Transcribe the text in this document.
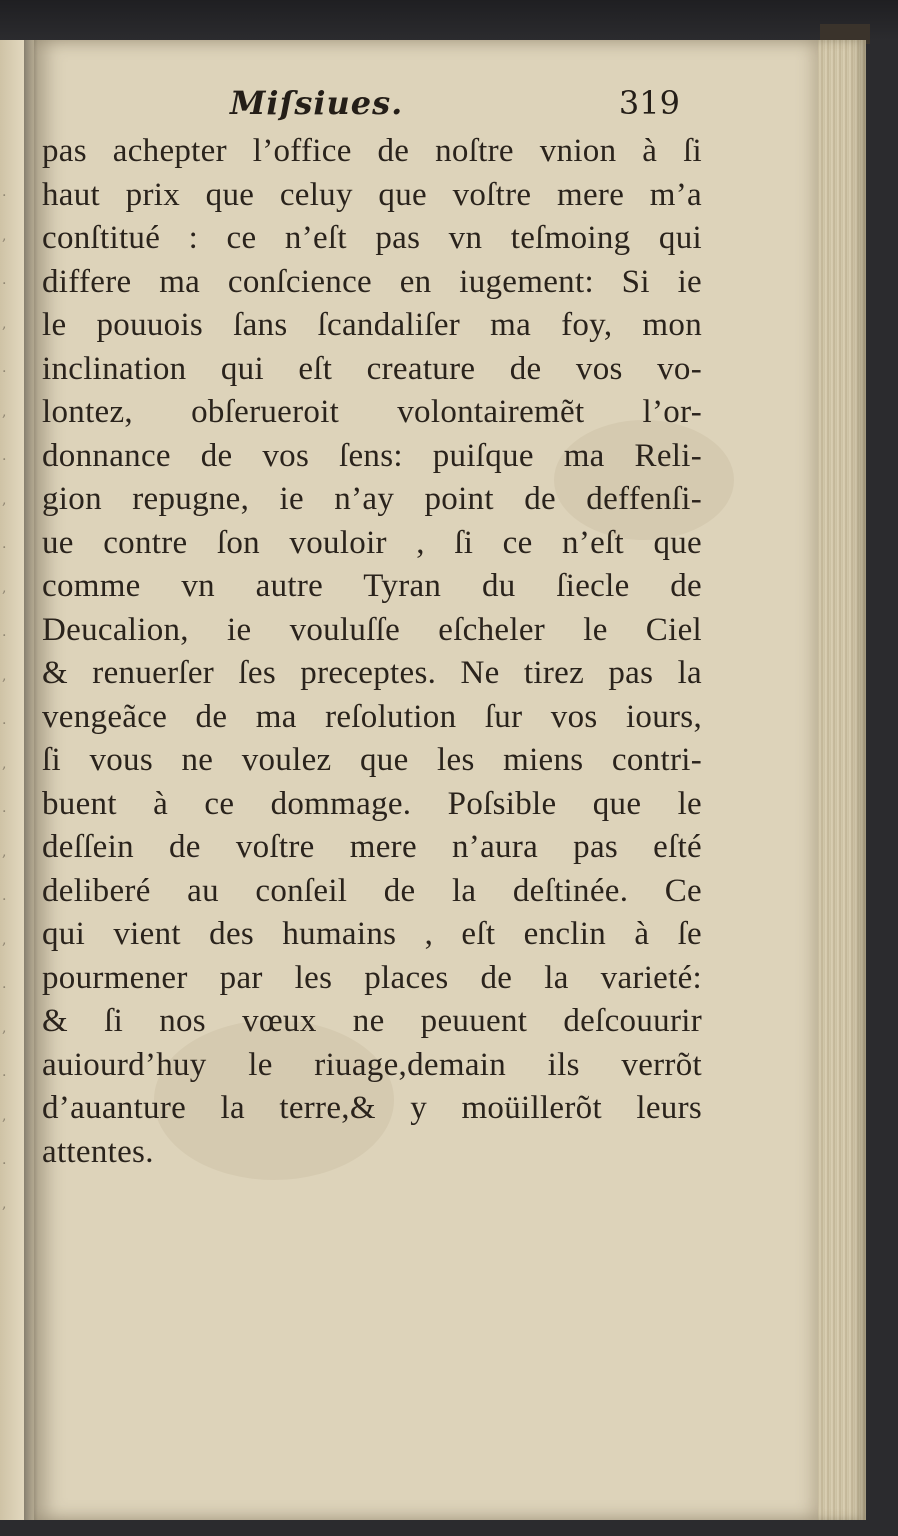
.
,
.
,
.
,
.
,
.
,
.
,
.
,
.
,
.
,
.
,
.
,
.
,
Miſsiues.	319
pas achepter l’office de noſtre vnion à ſi
haut prix que celuy que voſtre mere m’a
conſtitué : ce n’eſt pas vn teſmoing qui
differe ma conſcience en iugement: Si ie
le pouuois ſans ſcandaliſer ma foy, mon
inclination qui eſt creature de vos vo-
lontez, obſerueroit volontairemẽt l’or-
donnance de vos ſens: puiſque ma Reli-
gion repugne, ie n’ay point de deffenſi-
ue contre ſon vouloir , ſi ce n’eſt que
comme vn autre Tyran du ſiecle de
Deucalion, ie vouluſſe eſcheler le Ciel
& renuerſer ſes preceptes. Ne tirez pas la
vengeãce de ma reſolution ſur vos iours,
ſi vous ne voulez que les miens contri-
buent à ce dommage. Poſsible que le
deſſein de voſtre mere n’aura pas eſté
deliberé au conſeil de la deſtinée. Ce
qui vient des humains , eſt enclin à ſe
pourmener par les places de la varieté:
& ſi nos vœux ne peuuent deſcouurir
auiourd’huy le riuage,demain ils verrõt
d’auanture la terre,& y moüillerõt leurs
attentes.
